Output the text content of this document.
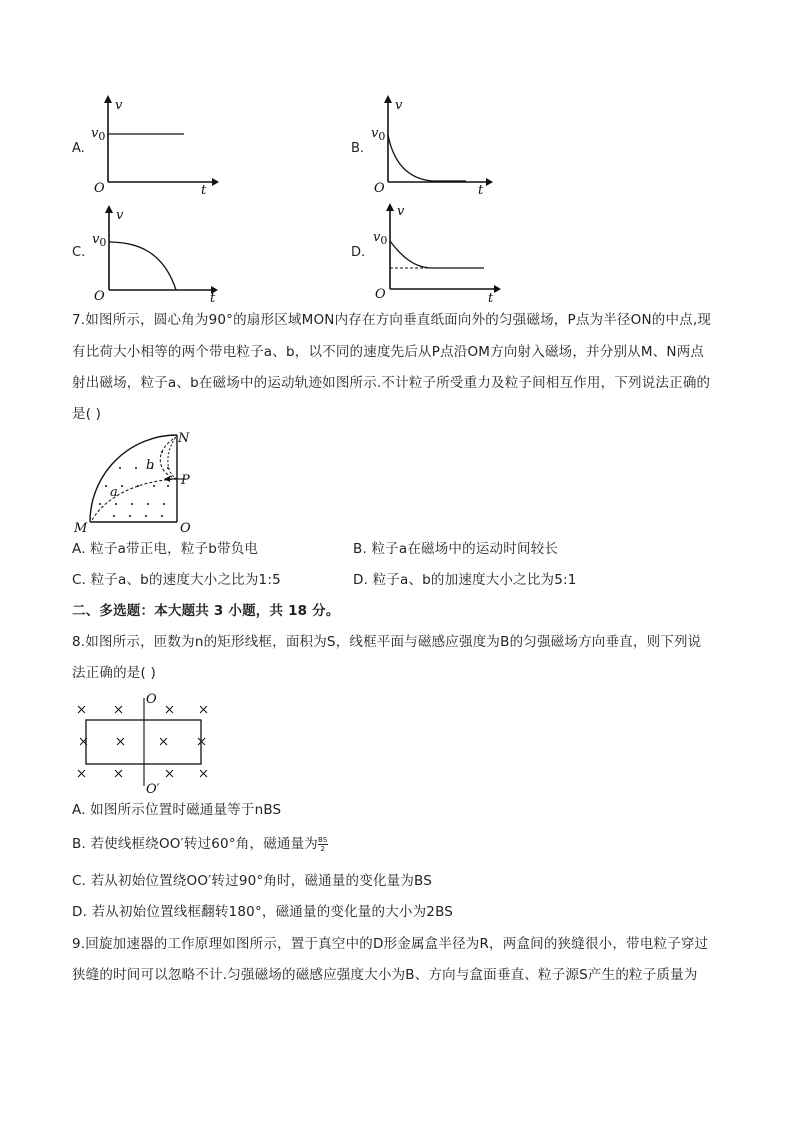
A.
v
$v_0$
O	t
B.
v
$v_0$
O	t
C.
v
$v_0$
O	t
D.
v
$v_0$
O	t
7.如图所示，圆心角为90°的扇形区域MON内存在方向垂直纸面向外的匀强磁场，P点为半径ON的中点,现
有比荷大小相等的两个带电粒子a、b，以不同的速度先后从P点沿OM方向射入磁场，并分别从M、N两点
射出磁场，粒子a、b在磁场中的运动轨迹如图所示.不计粒子所受重力及粒子间相互作用，下列说法正确的
是( )
N
P
M	O
a
b
A. 粒子a带正电，粒子b带负电	B. 粒子a在磁场中的运动时间较长
C. 粒子a、b的速度大小之比为1:5	D. 粒子a、b的加速度大小之比为5:1
二、多选题：本大题共 3 小题，共 18 分。
8.如图所示，匝数为n的矩形线框，面积为S，线框平面与磁感应强度为B的匀强磁场方向垂直，则下列说
法正确的是( )
O
O′
A. 如图所示位置时磁通量等于nBS
B. 若使线框绕OO′转过60°角，磁通量为 $\frac{BS}{2}$
C. 若从初始位置绕OO′转过90°角时，磁通量的变化量为BS
D. 若从初始位置线框翻转180°，磁通量的变化量的大小为2BS
9.回旋加速器的工作原理如图所示，置于真空中的D形金属盒半径为R，两盒间的狭缝很小，带电粒子穿过
狭缝的时间可以忽略不计.匀强磁场的磁感应强度大小为B、方向与盒面垂直、粒子源S产生的粒子质量为
